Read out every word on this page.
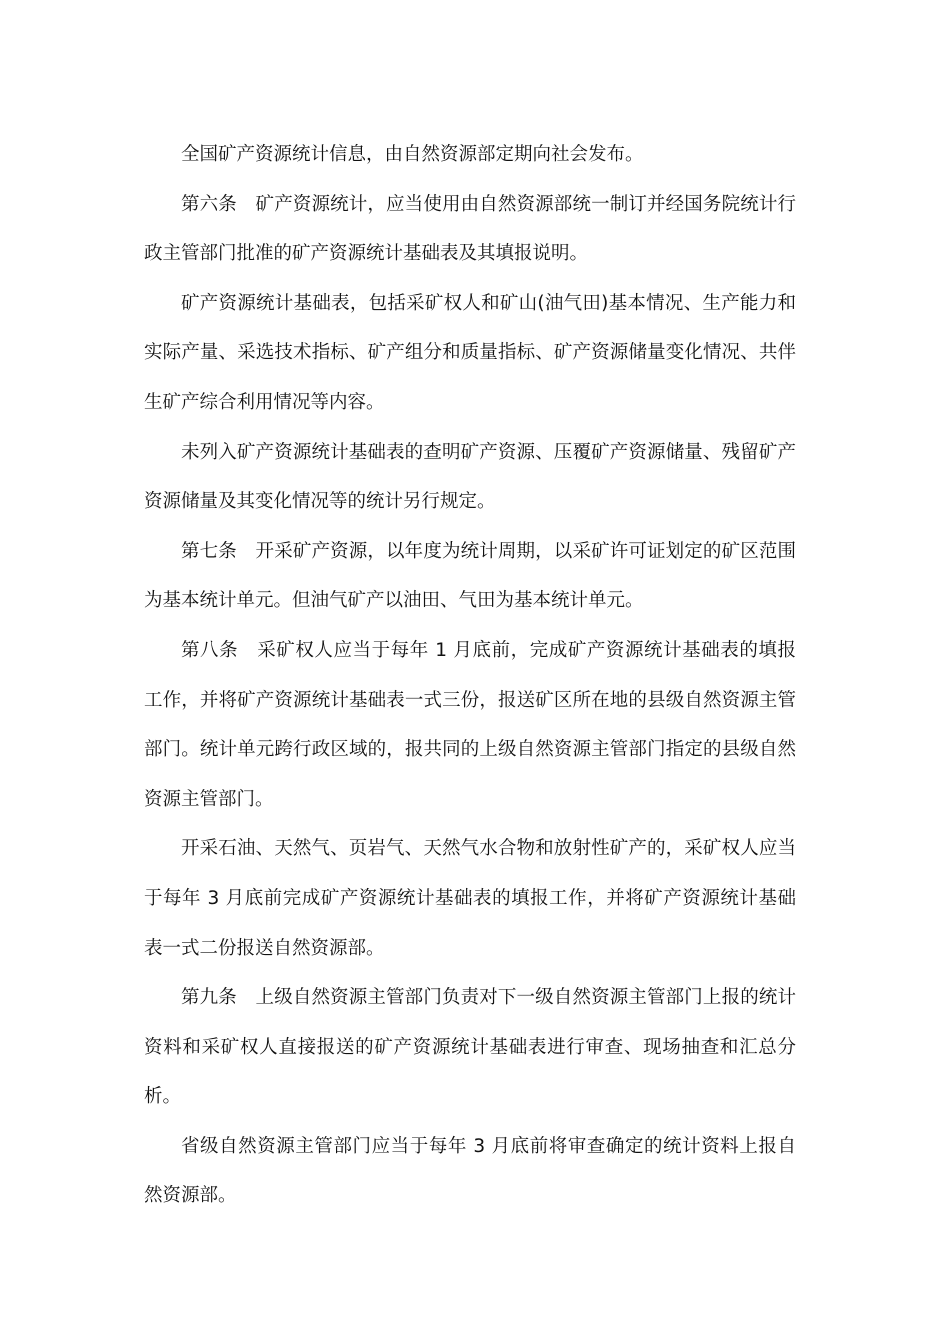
全国矿产资源统计信息，由自然资源部定期向社会发布。

第六条　矿产资源统计，应当使用由自然资源部统一制订并经国务院统计行政主管部门批准的矿产资源统计基础表及其填报说明。

矿产资源统计基础表，包括采矿权人和矿山(油气田)基本情况、生产能力和实际产量、采选技术指标、矿产组分和质量指标、矿产资源储量变化情况、共伴生矿产综合利用情况等内容。

未列入矿产资源统计基础表的查明矿产资源、压覆矿产资源储量、残留矿产资源储量及其变化情况等的统计另行规定。

第七条　开采矿产资源，以年度为统计周期，以采矿许可证划定的矿区范围为基本统计单元。但油气矿产以油田、气田为基本统计单元。

第八条　采矿权人应当于每年 1 月底前，完成矿产资源统计基础表的填报工作，并将矿产资源统计基础表一式三份，报送矿区所在地的县级自然资源主管部门。统计单元跨行政区域的，报共同的上级自然资源主管部门指定的县级自然资源主管部门。

开采石油、天然气、页岩气、天然气水合物和放射性矿产的，采矿权人应当于每年 3 月底前完成矿产资源统计基础表的填报工作，并将矿产资源统计基础表一式二份报送自然资源部。

第九条　上级自然资源主管部门负责对下一级自然资源主管部门上报的统计资料和采矿权人直接报送的矿产资源统计基础表进行审查、现场抽查和汇总分析。

省级自然资源主管部门应当于每年 3 月底前将审查确定的统计资料上报自然资源部。
